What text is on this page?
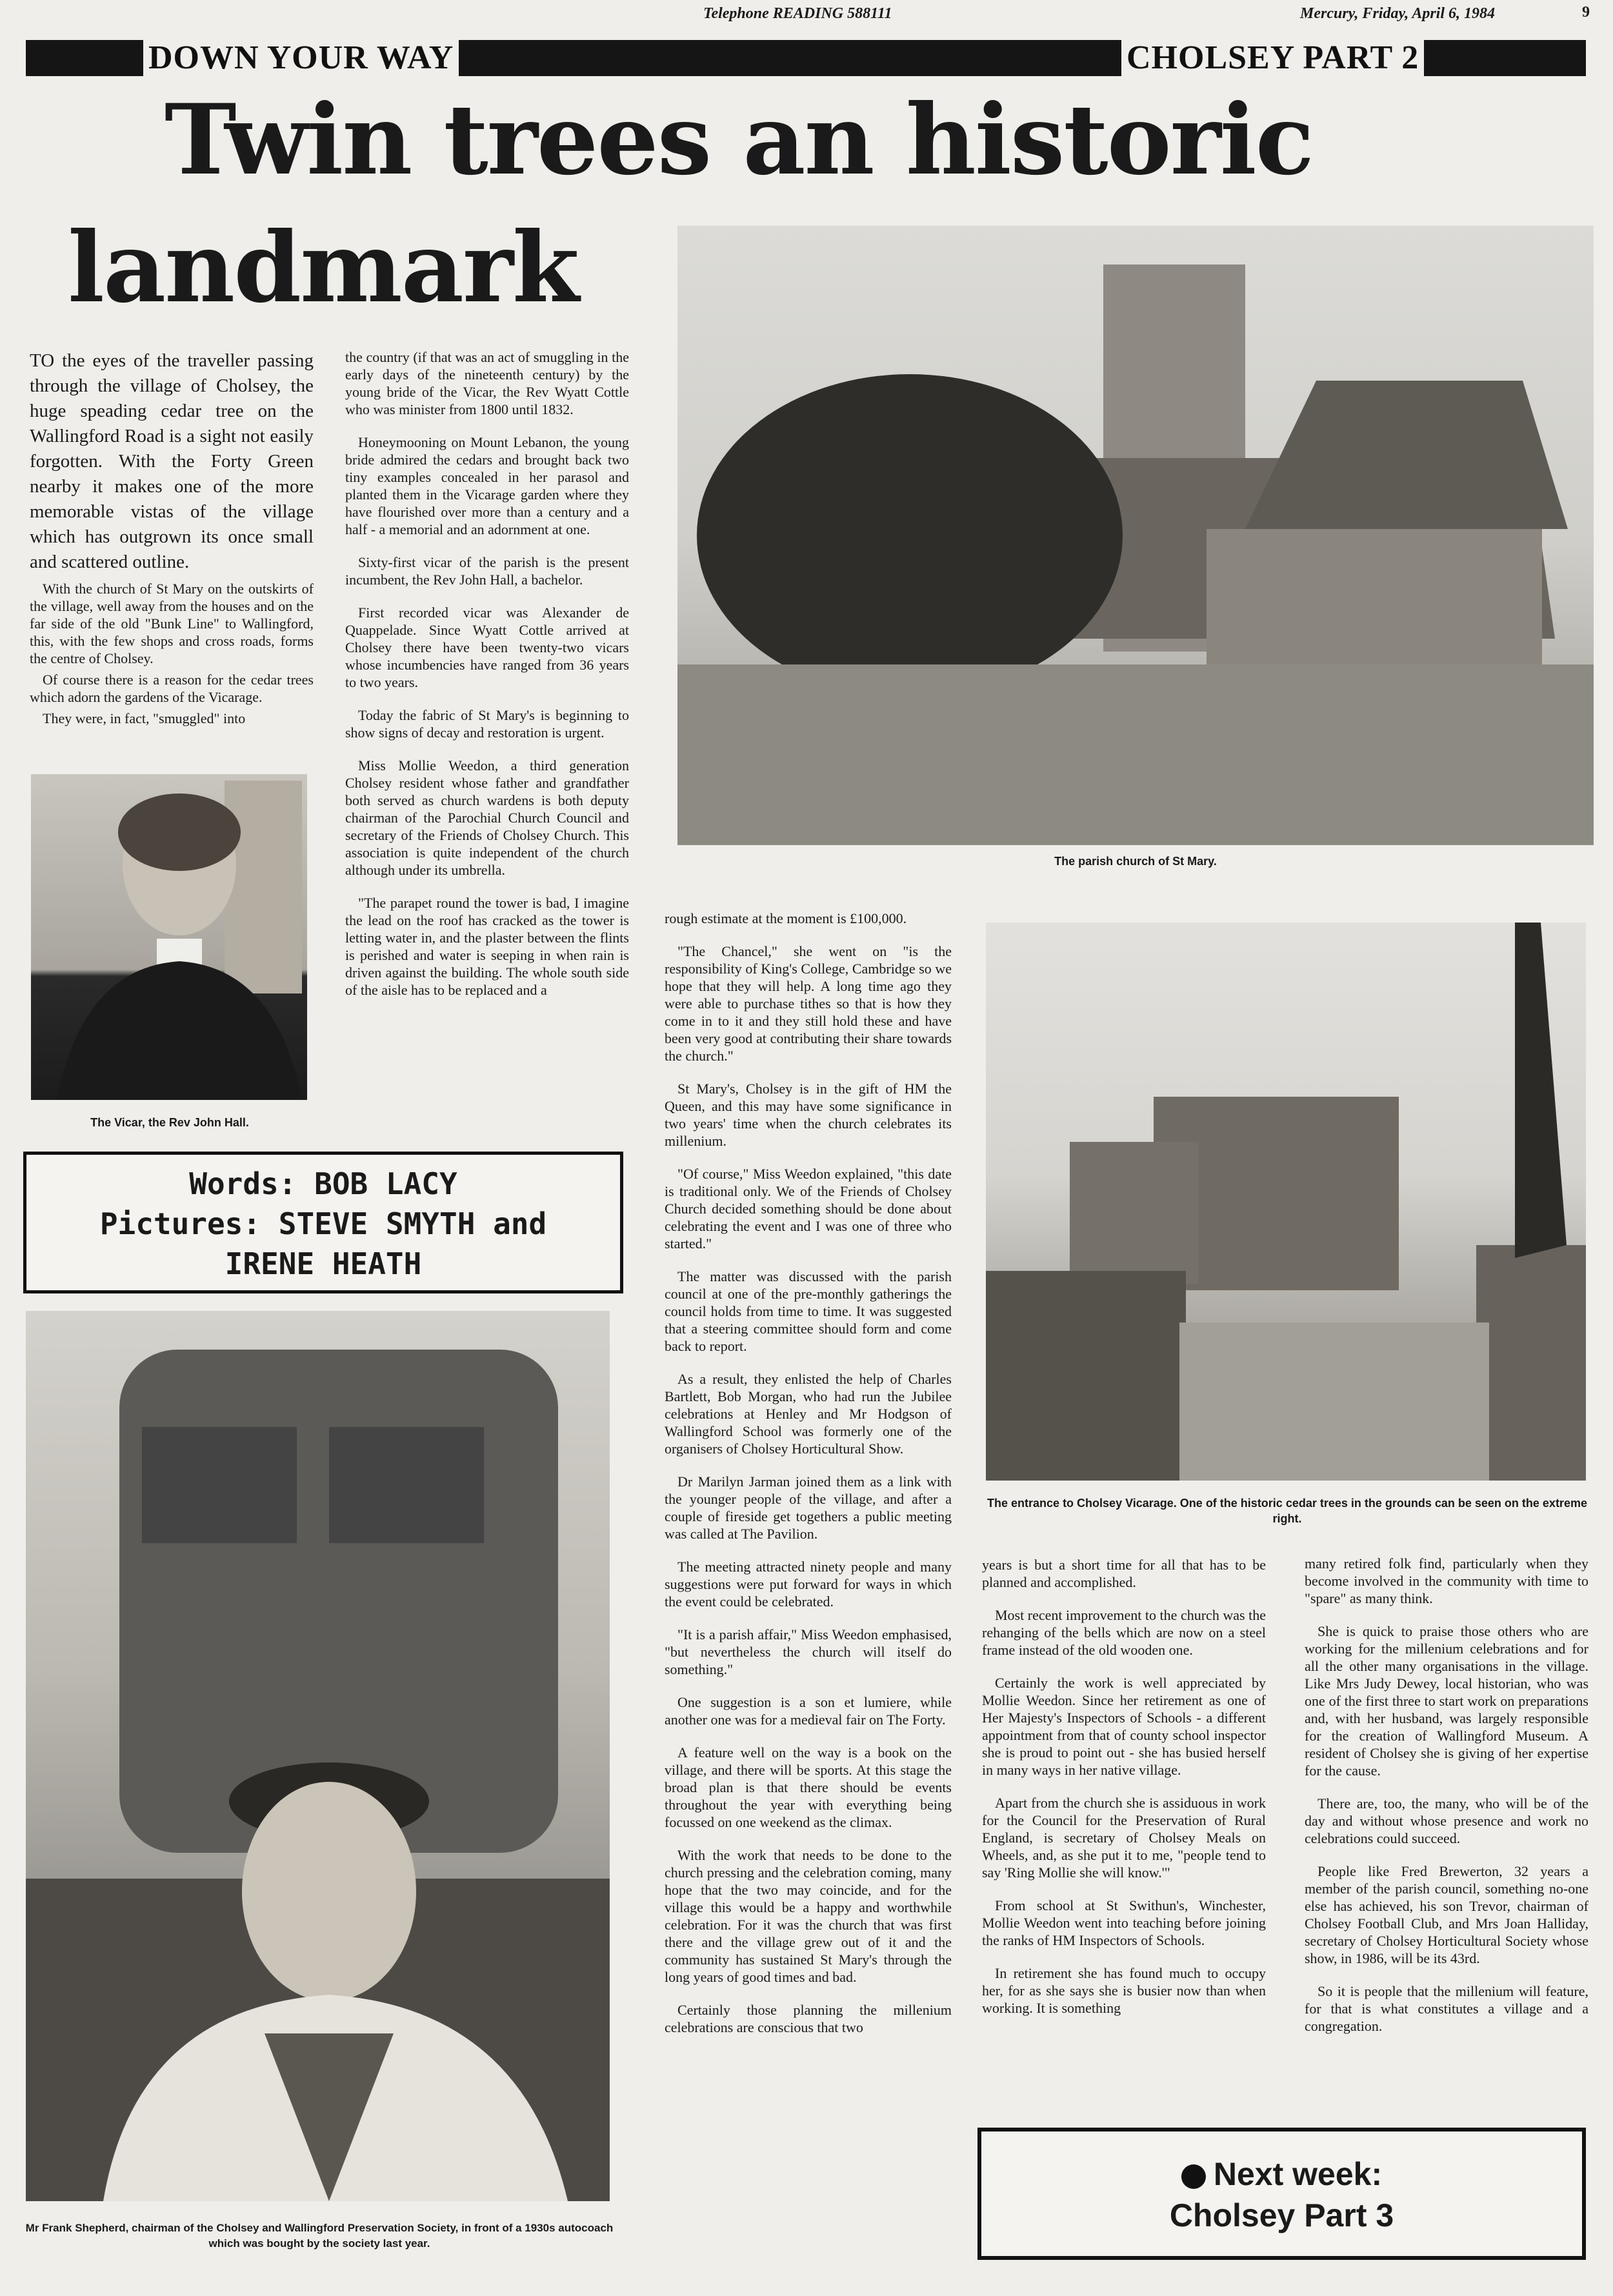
Telephone READING 588111	Mercury, Friday, April 6, 1984	9
DOWN YOUR WAY	CHOLSEY PART 2
Twin trees an historic
landmark

TO the eyes of the traveller passing through the village of Cholsey, the huge speading cedar tree on the Wallingford Road is a sight not easily forgotten. With the Forty Green nearby it makes one of the more memorable vistas of the village which has outgrown its once small and scattered outline.

With the church of St Mary on the outskirts of the village, well away from the houses and on the far side of the old "Bunk Line" to Wallingford, this, with the few shops and cross roads, forms the centre of Cholsey.

Of course there is a reason for the cedar trees which adorn the gardens of the Vicarage.

They were, in fact, "smuggled" into

The Vicar, the Rev John Hall.

the country (if that was an act of smuggling in the early days of the nineteenth century) by the young bride of the Vicar, the Rev Wyatt Cottle who was minister from 1800 until 1832.

Honeymooning on Mount Lebanon, the young bride admired the cedars and brought back two tiny examples concealed in her parasol and planted them in the Vicarage garden where they have flourished over more than a century and a half - a memorial and an adornment at one.

Sixty-first vicar of the parish is the present incumbent, the Rev John Hall, a bachelor.

First recorded vicar was Alexander de Quappelade. Since Wyatt Cottle arrived at Cholsey there have been twenty-two vicars whose incumbencies have ranged from 36 years to two years.

Today the fabric of St Mary's is beginning to show signs of decay and restoration is urgent.

Miss Mollie Weedon, a third generation Cholsey resident whose father and grandfather both served as church wardens is both deputy chairman of the Parochial Church Council and secretary of the Friends of Cholsey Church. This association is quite independent of the church although under its umbrella.

"The parapet round the tower is bad, I imagine the lead on the roof has cracked as the tower is letting water in, and the plaster between the flints is perished and water is seeping in when rain is driven against the building. The whole south side of the aisle has to be replaced and a

Words: BOB LACY
Pictures: STEVE SMYTH and
IRENE HEATH
Mr Frank Shepherd, chairman of the Cholsey and Wallingford Preservation Society, in front of a 1930s autocoach which was bought by the society last year.
The parish church of St Mary.

rough estimate at the moment is £100,000.

"The Chancel," she went on "is the responsibility of King's College, Cambridge so we hope that they will help. A long time ago they were able to purchase tithes so that is how they come in to it and they still hold these and have been very good at contributing their share towards the church."

St Mary's, Cholsey is in the gift of HM the Queen, and this may have some significance in two years' time when the church celebrates its millenium.

"Of course," Miss Weedon explained, "this date is traditional only. We of the Friends of Cholsey Church decided something should be done about celebrating the event and I was one of three who started."

The matter was discussed with the parish council at one of the pre-monthly gatherings the council holds from time to time. It was suggested that a steering committee should form and come back to report.

As a result, they enlisted the help of Charles Bartlett, Bob Morgan, who had run the Jubilee celebrations at Henley and Mr Hodgson of Wallingford School was formerly one of the organisers of Cholsey Horticultural Show.

Dr Marilyn Jarman joined them as a link with the younger people of the village, and after a couple of fireside get togethers a public meeting was called at The Pavilion.

The meeting attracted ninety people and many suggestions were put forward for ways in which the event could be celebrated.

"It is a parish affair," Miss Weedon emphasised, "but nevertheless the church will itself do something."

One suggestion is a son et lumiere, while another one was for a medieval fair on The Forty.

A feature well on the way is a book on the village, and there will be sports. At this stage the broad plan is that there should be events throughout the year with everything being focussed on one weekend as the climax.

With the work that needs to be done to the church pressing and the celebration coming, many hope that the two may coincide, and for the village this would be a happy and worthwhile celebration. For it was the church that was first there and the village grew out of it and the community has sustained St Mary's through the long years of good times and bad.

Certainly those planning the millenium celebrations are conscious that two

The entrance to Cholsey Vicarage. One of the historic cedar trees in the grounds can be seen on the extreme right.

years is but a short time for all that has to be planned and accomplished.

Most recent improvement to the church was the rehanging of the bells which are now on a steel frame instead of the old wooden one.

Certainly the work is well appreciated by Mollie Weedon. Since her retirement as one of Her Majesty's Inspectors of Schools - a different appointment from that of county school inspector she is proud to point out - she has busied herself in many ways in her native village.

Apart from the church she is assiduous in work for the Council for the Preservation of Rural England, is secretary of Cholsey Meals on Wheels, and, as she put it to me, "people tend to say 'Ring Mollie she will know.'"

From school at St Swithun's, Winchester, Mollie Weedon went into teaching before joining the ranks of HM Inspectors of Schools.

In retirement she has found much to occupy her, for as she says she is busier now than when working. It is something

many retired folk find, particularly when they become involved in the community with time to "spare" as many think.

She is quick to praise those others who are working for the millenium celebrations and for all the other many organisations in the village. Like Mrs Judy Dewey, local historian, who was one of the first three to start work on preparations and, with her husband, was largely responsible for the creation of Wallingford Museum. A resident of Cholsey she is giving of her expertise for the cause.

There are, too, the many, who will be of the day and without whose presence and work no celebrations could succeed.

People like Fred Brewerton, 32 years a member of the parish council, something no-one else has achieved, his son Trevor, chairman of Cholsey Football Club, and Mrs Joan Halliday, secretary of Cholsey Horticultural Society whose show, in 1986, will be its 43rd.

So it is people that the millenium will feature, for that is what constitutes a village and a congregation.

Next week:
Cholsey Part 3
